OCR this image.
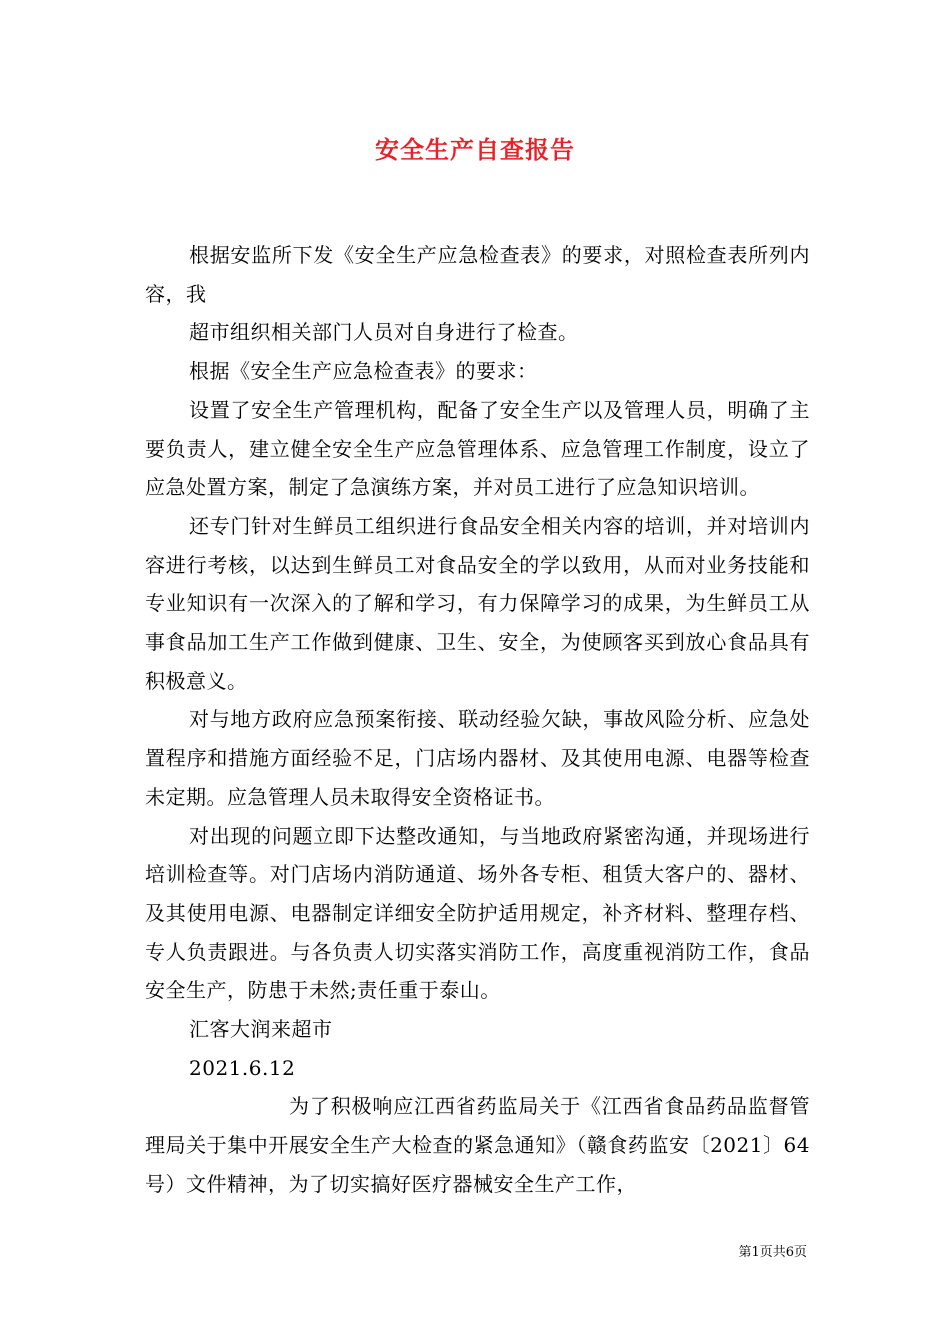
安全生产自查报告

根据安监所下发《安全生产应急检查表》的要求，对照检查表所列内容，我

超市组织相关部门人员对自身进行了检查。

根据《安全生产应急检查表》的要求：

设置了安全生产管理机构，配备了安全生产以及管理人员，明确了主要负责人，建立健全安全生产应急管理体系、应急管理工作制度，设立了应急处置方案，制定了急演练方案，并对员工进行了应急知识培训。

还专门针对生鲜员工组织进行食品安全相关内容的培训，并对培训内容进行考核，以达到生鲜员工对食品安全的学以致用，从而对业务技能和专业知识有一次深入的了解和学习，有力保障学习的成果，为生鲜员工从事食品加工生产工作做到健康、卫生、安全，为使顾客买到放心食品具有积极意义。

对与地方政府应急预案衔接、联动经验欠缺，事故风险分析、应急处置程序和措施方面经验不足，门店场内器材、及其使用电源、电器等检查未定期。应急管理人员未取得安全资格证书。

对出现的问题立即下达整改通知，与当地政府紧密沟通，并现场进行培训检查等。对门店场内消防通道、场外各专柜、租赁大客户的、器材、及其使用电源、电器制定详细安全防护适用规定，补齐材料、整理存档、专人负责跟进。与各负责人切实落实消防工作，高度重视消防工作，食品安全生产，防患于未然;责任重于泰山。

汇客大润来超市

2021.6.12

为了积极响应江西省药监局关于《江西省食品药品监督管理局关于集中开展安全生产大检查的紧急通知》（赣食药监安〔2021〕64号）文件精神，为了切实搞好医疗器械安全生产工作，

第1页共6页
